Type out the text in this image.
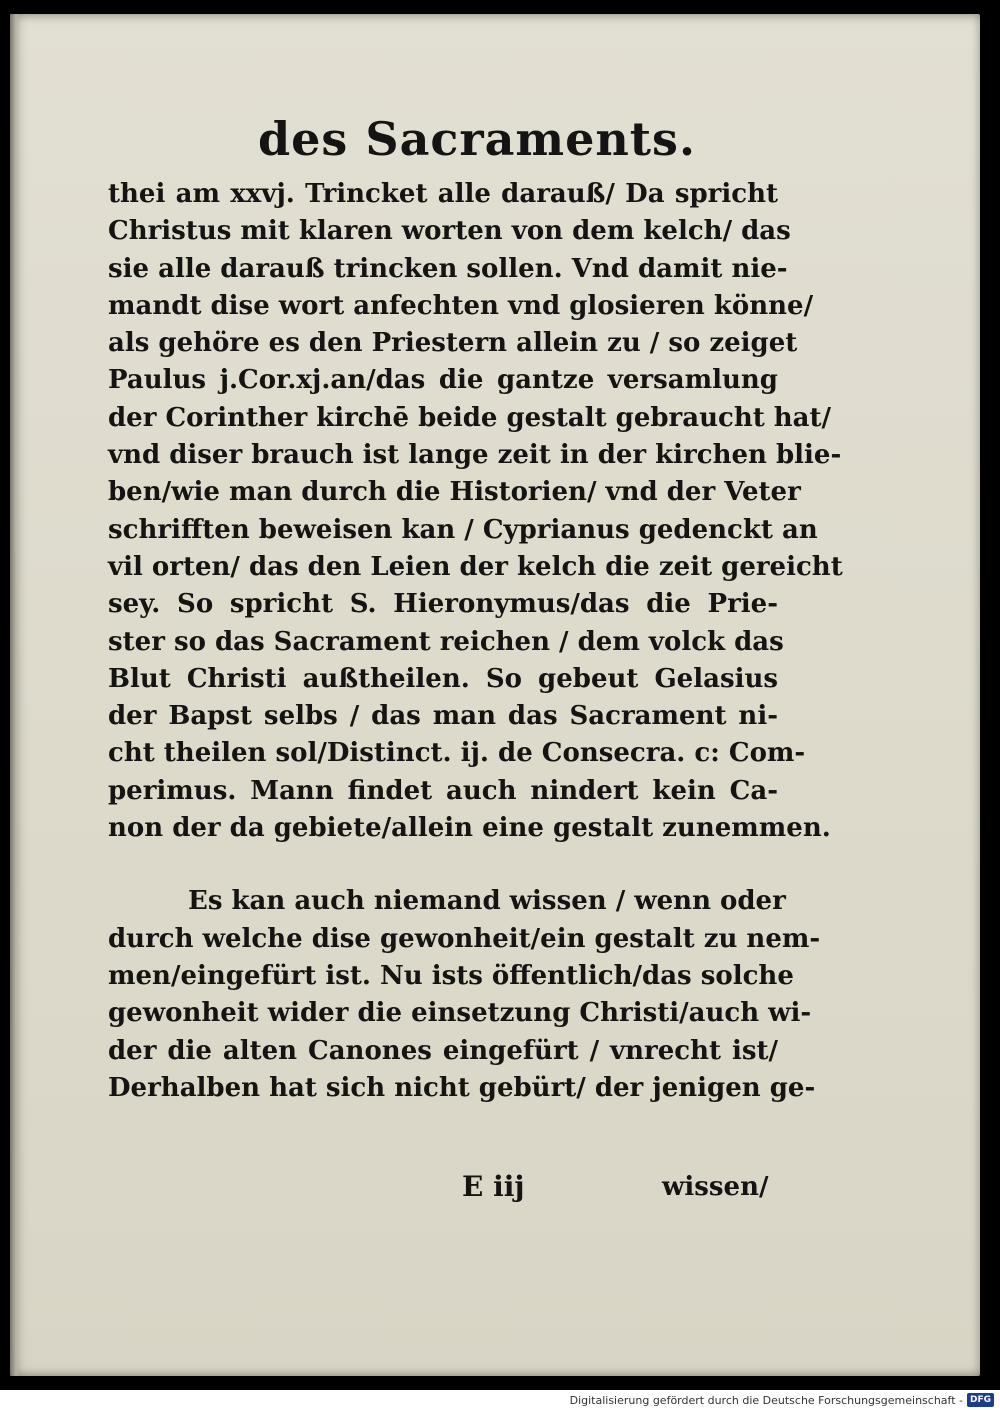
des Sacraments.
thei am xxvj. Trincket alle darauß/ Da spricht
Christus mit klaren worten von dem kelch/ das
sie alle darauß trincken sollen. Vnd damit nie-
mandt dise wort anfechten vnd glosieren könne/
als gehöre es den Priestern allein zu / so zeiget
Paulus j.Cor.xj.an/das die gantze versamlung
der Corinther kirchē beide gestalt gebraucht hat/
vnd diser brauch ist lange zeit in der kirchen blie-
ben/wie man durch die Historien/ vnd der Veter
schrifften beweisen kan / Cyprianus gedenckt an
vil orten/ das den Leien der kelch die zeit gereicht
sey. So spricht S. Hieronymus/das die Prie-
ster so das Sacrament reichen / dem volck das
Blut Christi außtheilen. So gebeut Gelasius
der Bapst selbs / das man das Sacrament ni-
cht theilen sol/Distinct. ij. de Consecra. c: Com-
perimus. Mann findet auch nindert kein Ca-
non der da gebiete/allein eine gestalt zunemmen.
Es kan auch niemand wissen / wenn oder
durch welche dise gewonheit/ein gestalt zu nem-
men/eingefürt ist. Nu ists öffentlich/das solche
gewonheit wider die einsetzung Christi/auch wi-
der die alten Canones eingefürt / vnrecht ist/
Derhalben hat sich nicht gebürt/ der jenigen ge-
E iij	wissen/
Digitalisierung gefördert durch die Deutsche Forschungsgemeinschaft - DFG
